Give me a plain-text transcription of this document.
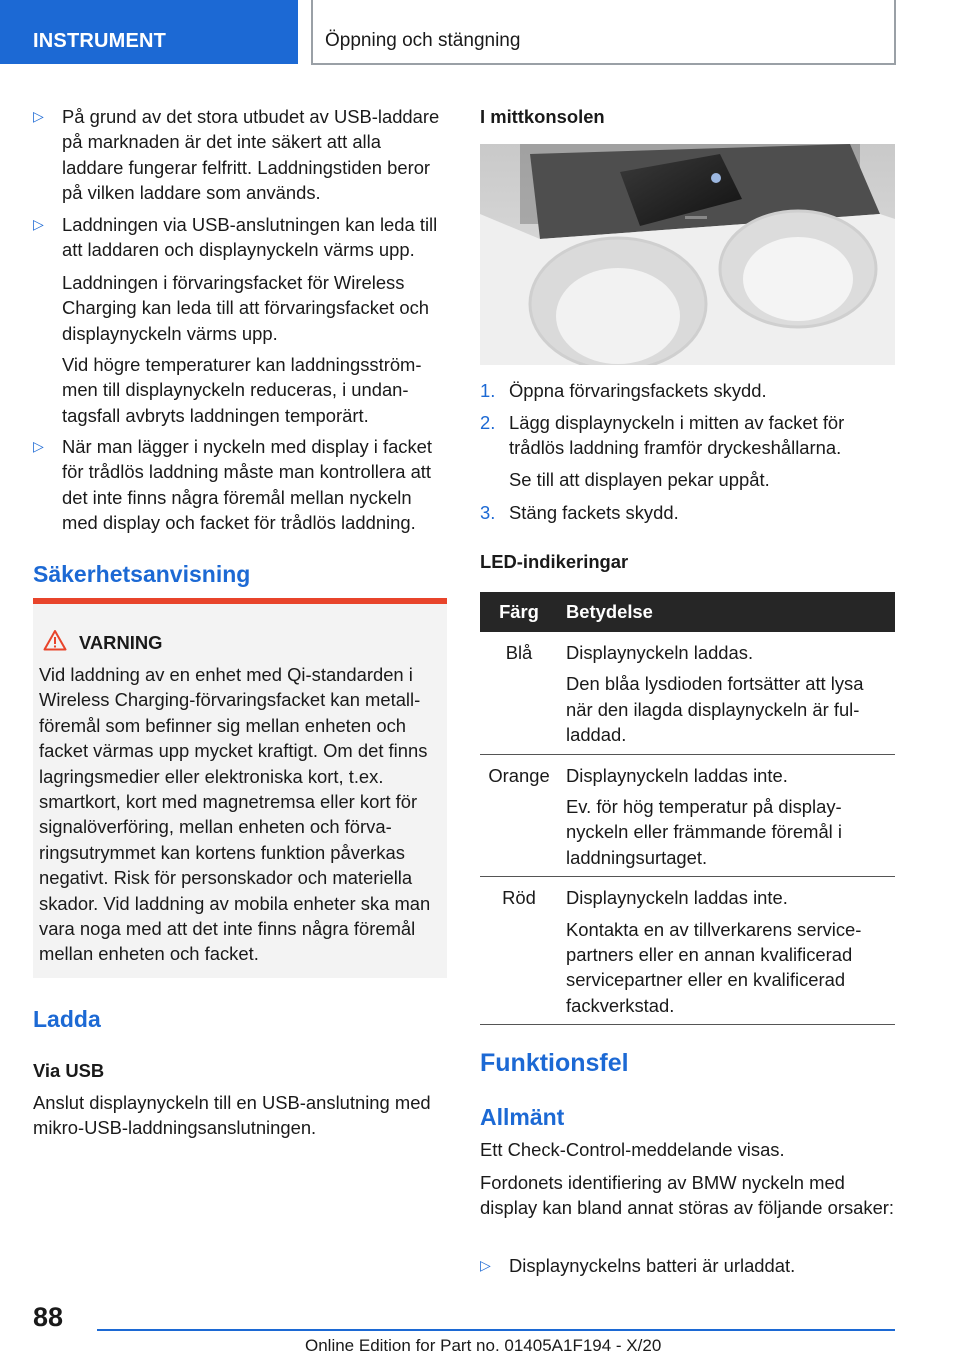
INSTRUMENT	Öppning och stängning
▷ På grund av det stora utbudet av USB-laddare på marknaden är det inte säkert att alla laddare fungerar felfritt. Laddningstiden beror på vilken laddare som används.
▷ Laddningen via USB-anslutningen kan leda till att laddaren och displaynyckeln värms upp.
Laddningen i förvaringsfacket för Wireless Charging kan leda till att förvaringsfacket och displaynyckeln värms upp.
Vid högre temperaturer kan laddningsströmmen till displaynyckeln reduceras, i undantagsfall avbryts laddningen temporärt.
▷ När man lägger i nyckeln med display i facket för trådlös laddning måste man kontrollera att det inte finns några föremål mellan nyckeln med display och facket för trådlös laddning.
Säkerhetsanvisning
VARNING
Vid laddning av en enhet med Qi-standarden i Wireless Charging-förvaringsfacket kan metallföremål som befinner sig mellan enheten och facket värmas upp mycket kraftigt. Om det finns lagringsmedier eller elektroniska kort, t.ex. smartkort, kort med magnetremsa eller kort för signalöverföring, mellan enheten och förvaringsutrymmet kan kortens funktion påverkas negativt. Risk för personskador och materiella skador. Vid laddning av mobila enheter ska man vara noga med att det inte finns några föremål mellan enheten och facket.
Ladda
Via USB
Anslut displaynyckeln till en USB-anslutning med mikro-USB-laddningsanslutningen.
I mittkonsolen
1. Öppna förvaringsfackets skydd.
2. Lägg displaynyckeln i mitten av facket för trådlös laddning framför dryckeshållarna.
Se till att displayen pekar uppåt.
3. Stäng fackets skydd.
LED-indikeringar
Färg	Betydelse
Blå	Displaynyckeln laddas.
Den blåa lysdioden fortsätter att lysa när den ilagda displaynyckeln är fulladdad.

Orange	Displaynyckeln laddas inte.
Ev. för hög temperatur på displaynyckeln eller främmande föremål i laddningsurtaget.

Röd	Displaynyckeln laddas inte.
Kontakta en av tillverkarens servicepartners eller en annan kvalificerad servicepartner eller en kvalificerad fackverkstad.
Funktionsfel
Allmänt
Ett Check-Control-meddelande visas.
Fordonets identifiering av BMW nyckeln med display kan bland annat störas av följande orsaker:
▷ Displaynyckelns batteri är urladdat.
88
Online Edition for Part no. 01405A1F194 - X/20
